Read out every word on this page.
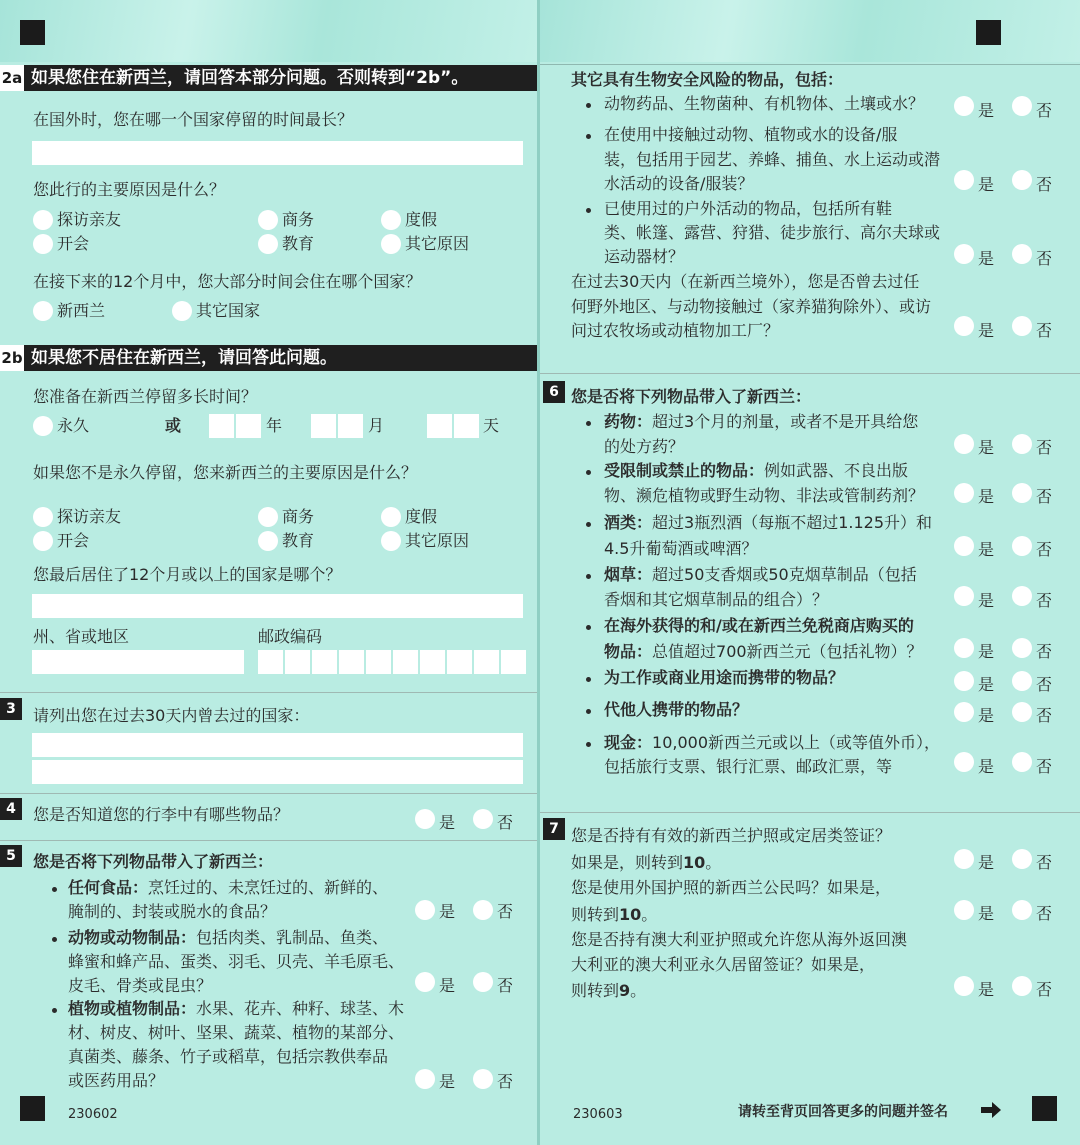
2a 如果您住在新西兰，请回答本部分问题。否则转到“2b”。
在国外时，您在哪一个国家停留的时间最长？
您此行的主要原因是什么？
探访亲友	商务	度假
开会	教育	其它原因
在接下来的12个月中，您大部分时间会住在哪个国家？
新西兰	其它国家
2b 如果您不居住在新西兰，请回答此问题。
您准备在新西兰停留多长时间？
永久	或	年	月	天
如果您不是永久停留，您来新西兰的主要原因是什么？
探访亲友	商务	度假
开会	教育	其它原因
您最后居住了12个月或以上的国家是哪个？
州、省或地区	邮政编码
3	请列出您在过去30天内曾去过的国家：
4	您是否知道您的行李中有哪些物品？	是	否
5	您是否将下列物品带入了新西兰：
任何食品：烹饪过的、未烹饪过的、新鲜的、
腌制的、封装或脱水的食品？	是	否
动物或动物制品：包括肉类、乳制品、鱼类、
蜂蜜和蜂产品、蛋类、羽毛、贝壳、羊毛原毛、
皮毛、骨类或昆虫？	是	否
植物或植物制品：水果、花卉、种籽、球茎、木
材、树皮、树叶、坚果、蔬菜、植物的某部分、
真菌类、藤条、竹子或稻草，包括宗教供奉品
或医药用品？	是	否
230602
其它具有生物安全风险的物品，包括：
动物药品、生物菌种、有机物体、土壤或水？	是	否
在使用中接触过动物、植物或水的设备/服
装，包括用于园艺、养蜂、捕鱼、水上运动或潜
水活动的设备/服装？	是	否
已使用过的户外活动的物品，包括所有鞋
类、帐篷、露营、狩猎、徒步旅行、高尔夫球或
运动器材？	是	否
在过去30天内（在新西兰境外），您是否曾去过任
何野外地区、与动物接触过（家养猫狗除外）、或访
问过农牧场或动植物加工厂？	是	否
6 您是否将下列物品带入了新西兰：
药物：超过3个月的剂量，或者不是开具给您
的处方药？	是	否
受限制或禁止的物品：例如武器、不良出版
物、濒危植物或野生动物、非法或管制药剂？	是	否
酒类：超过3瓶烈酒（每瓶不超过1.125升）和
4.5升葡萄酒或啤酒？	是	否
烟草：超过50支香烟或50克烟草制品（包括
香烟和其它烟草制品的组合）？	是	否
在海外获得的和/或在新西兰免税商店购买的
物品：总值超过700新西兰元（包括礼物）？	是	否
为工作或商业用途而携带的物品？	是	否
代他人携带的物品？	是	否
现金：10,000新西兰元或以上（或等值外币），
包括旅行支票、银行汇票、邮政汇票，等	是	否
7 您是否持有有效的新西兰护照或定居类签证？
如果是，则转到10。	是	否
您是使用外国护照的新西兰公民吗？如果是，
则转到10。	是	否
您是否持有澳大利亚护照或允许您从海外返回澳
大利亚的澳大利亚永久居留签证？如果是，
则转到9。	是	否
230603	请转至背页回答更多的问题并签名
